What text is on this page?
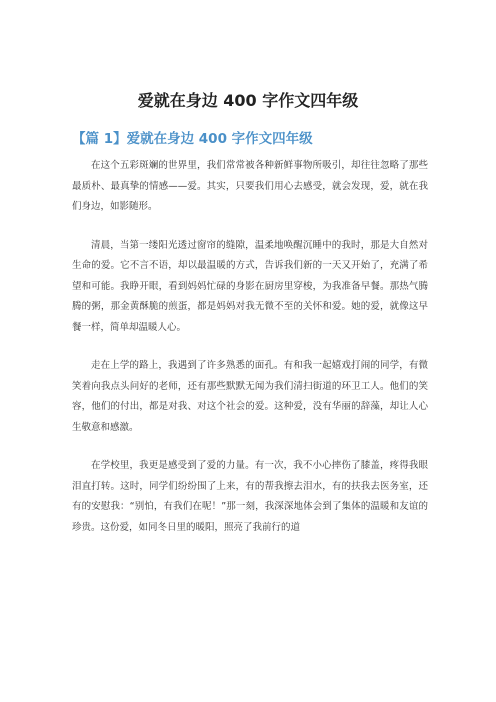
爱就在身边 400 字作文四年级
【篇 1】爱就在身边 400 字作文四年级

在这个五彩斑斓的世界里，我们常常被各种新鲜事物所吸引，却往往忽略了那些最质朴、最真挚的情感——爱。其实，只要我们用心去感受，就会发现，爱，就在我们身边，如影随形。

清晨，当第一缕阳光透过窗帘的缝隙，温柔地唤醒沉睡中的我时，那是大自然对生命的爱。它不言不语，却以最温暖的方式，告诉我们新的一天又开始了，充满了希望和可能。我睁开眼，看到妈妈忙碌的身影在厨房里穿梭，为我准备早餐。那热气腾腾的粥，那金黄酥脆的煎蛋，都是妈妈对我无微不至的关怀和爱。她的爱，就像这早餐一样，简单却温暖人心。

走在上学的路上，我遇到了许多熟悉的面孔。有和我一起嬉戏打闹的同学，有微笑着向我点头问好的老师，还有那些默默无闻为我们清扫街道的环卫工人。他们的笑容，他们的付出，都是对我、对这个社会的爱。这种爱，没有华丽的辞藻，却让人心生敬意和感激。

在学校里，我更是感受到了爱的力量。有一次，我不小心摔伤了膝盖，疼得我眼泪直打转。这时，同学们纷纷围了上来，有的帮我擦去泪水，有的扶我去医务室，还有的安慰我：“别怕，有我们在呢！”那一刻，我深深地体会到了集体的温暖和友谊的珍贵。这份爱，如同冬日里的暖阳，照亮了我前行的道
